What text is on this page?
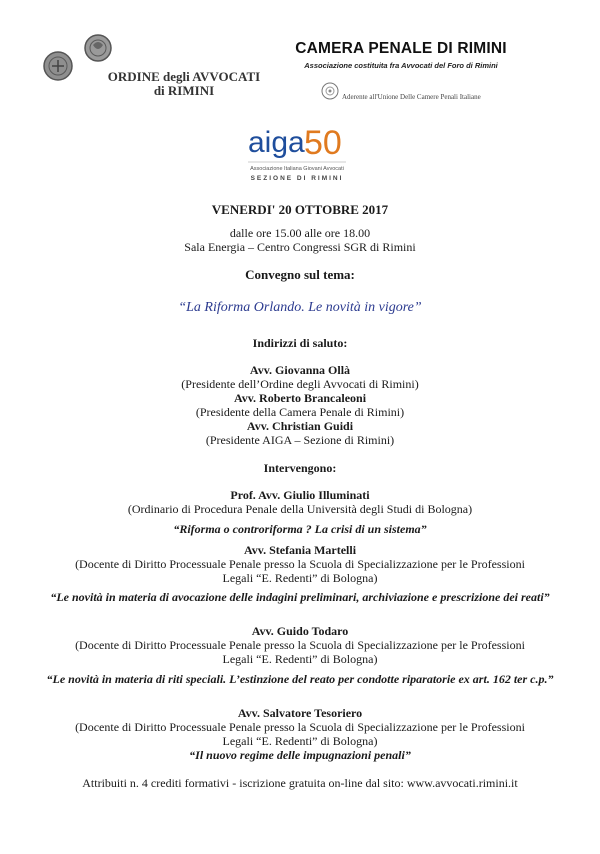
ORDINE degli AVVOCATI
di RIMINI
CAMERA PENALE DI RIMINI
Associazione costituita fra Avvocati del Foro di Rimini
Aderente all'Unione Delle Camere Penali Italiane
aiga 50
Associazione Italiana Giovani Avvocati
SEZIONE DI RIMINI
VENERDI' 20 OTTOBRE 2017
dalle ore 15.00 alle ore 18.00
Sala Energia – Centro Congressi SGR di Rimini
Convegno sul tema:
“La Riforma Orlando. Le novità in vigore”
Indirizzi di saluto:
Avv. Giovanna Ollà
(Presidente dell’Ordine degli Avvocati di Rimini)
Avv. Roberto Brancaleoni
(Presidente della Camera Penale di Rimini)
Avv. Christian Guidi
(Presidente AIGA – Sezione di Rimini)
Intervengono:
Prof. Avv. Giulio Illuminati
(Ordinario di Procedura Penale della Università degli Studi di Bologna)
“Riforma o controriforma ? La crisi di un sistema”
Avv. Stefania Martelli
(Docente di Diritto Processuale Penale presso la Scuola di Specializzazione per le Professioni
Legali “E. Redenti” di Bologna)
“Le novità in materia di avocazione delle indagini preliminari, archiviazione e prescrizione dei reati”
Avv. Guido Todaro
(Docente di Diritto Processuale Penale presso la Scuola di Specializzazione per le Professioni
Legali “E. Redenti” di Bologna)
“Le novità in materia di riti speciali. L’estinzione del reato per condotte riparatorie ex art. 162 ter c.p.”
Avv. Salvatore Tesoriero
(Docente di Diritto Processuale Penale presso la Scuola di Specializzazione per le Professioni
Legali “E. Redenti” di Bologna)
“Il nuovo regime delle impugnazioni penali”
Attribuiti n. 4 crediti formativi - iscrizione gratuita on-line dal sito: www.avvocati.rimini.it
